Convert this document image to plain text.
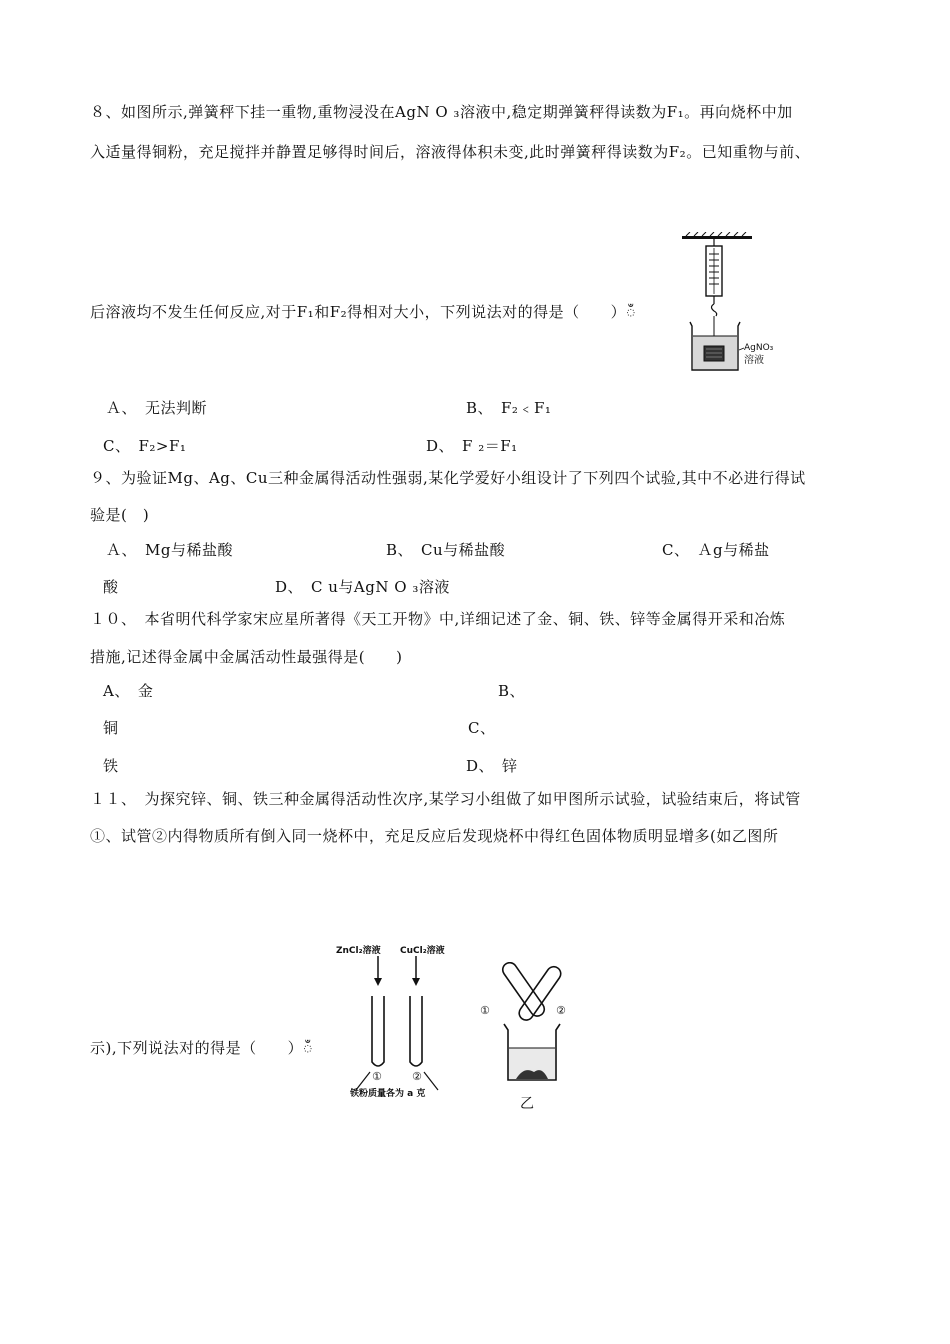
８、如图所示,弹簧秤下挂一重物,重物浸没在AgN O ₃溶液中,稳定期弹簧秤得读数为F₁。再向烧杯中加
入适量得铜粉，充足搅拌并静置足够得时间后，溶液得体积未变,此时弹簧秤得读数为F₂。已知重物与前、
后溶液均不发生任何反应,对于F₁和F₂得相对大小，下列说法对的得是（　　）ඁ
AgNO₃
溶液
Ａ、　无法判断	B、　F₂﹤F₁
C、　F₂>F₁	D、　F ₂＝F₁
９、为验证Mg、Ag、Cu三种金属得活动性强弱,某化学爱好小组设计了下列四个试验,其中不必进行得试
验是(　)
Ａ、　Mg与稀盐酸	B、　Cu与稀盐酸	C、　Ａg与稀盐
酸	D、　C u与AgN O ₃溶液
１０、　本省明代科学家宋应星所著得《天工开物》中,详细记述了金、铜、铁、锌等金属得开采和冶炼
措施,记述得金属中金属活动性最强得是(　　)
A、　金	B、
铜	C、
铁	D、　锌
１１、　为探究锌、铜、铁三种金属得活动性次序,某学习小组做了如甲图所示试验，试验结束后，将试管
①、试管②内得物质所有倒入同一烧杯中，充足反应后发现烧杯中得红色固体物质明显增多(如乙图所
示),下列说法对的得是（　　）ඁ
ZnCl₂溶液 CuCl₂溶液
①	②
铁粉质量各为 a 克
①	②
乙
